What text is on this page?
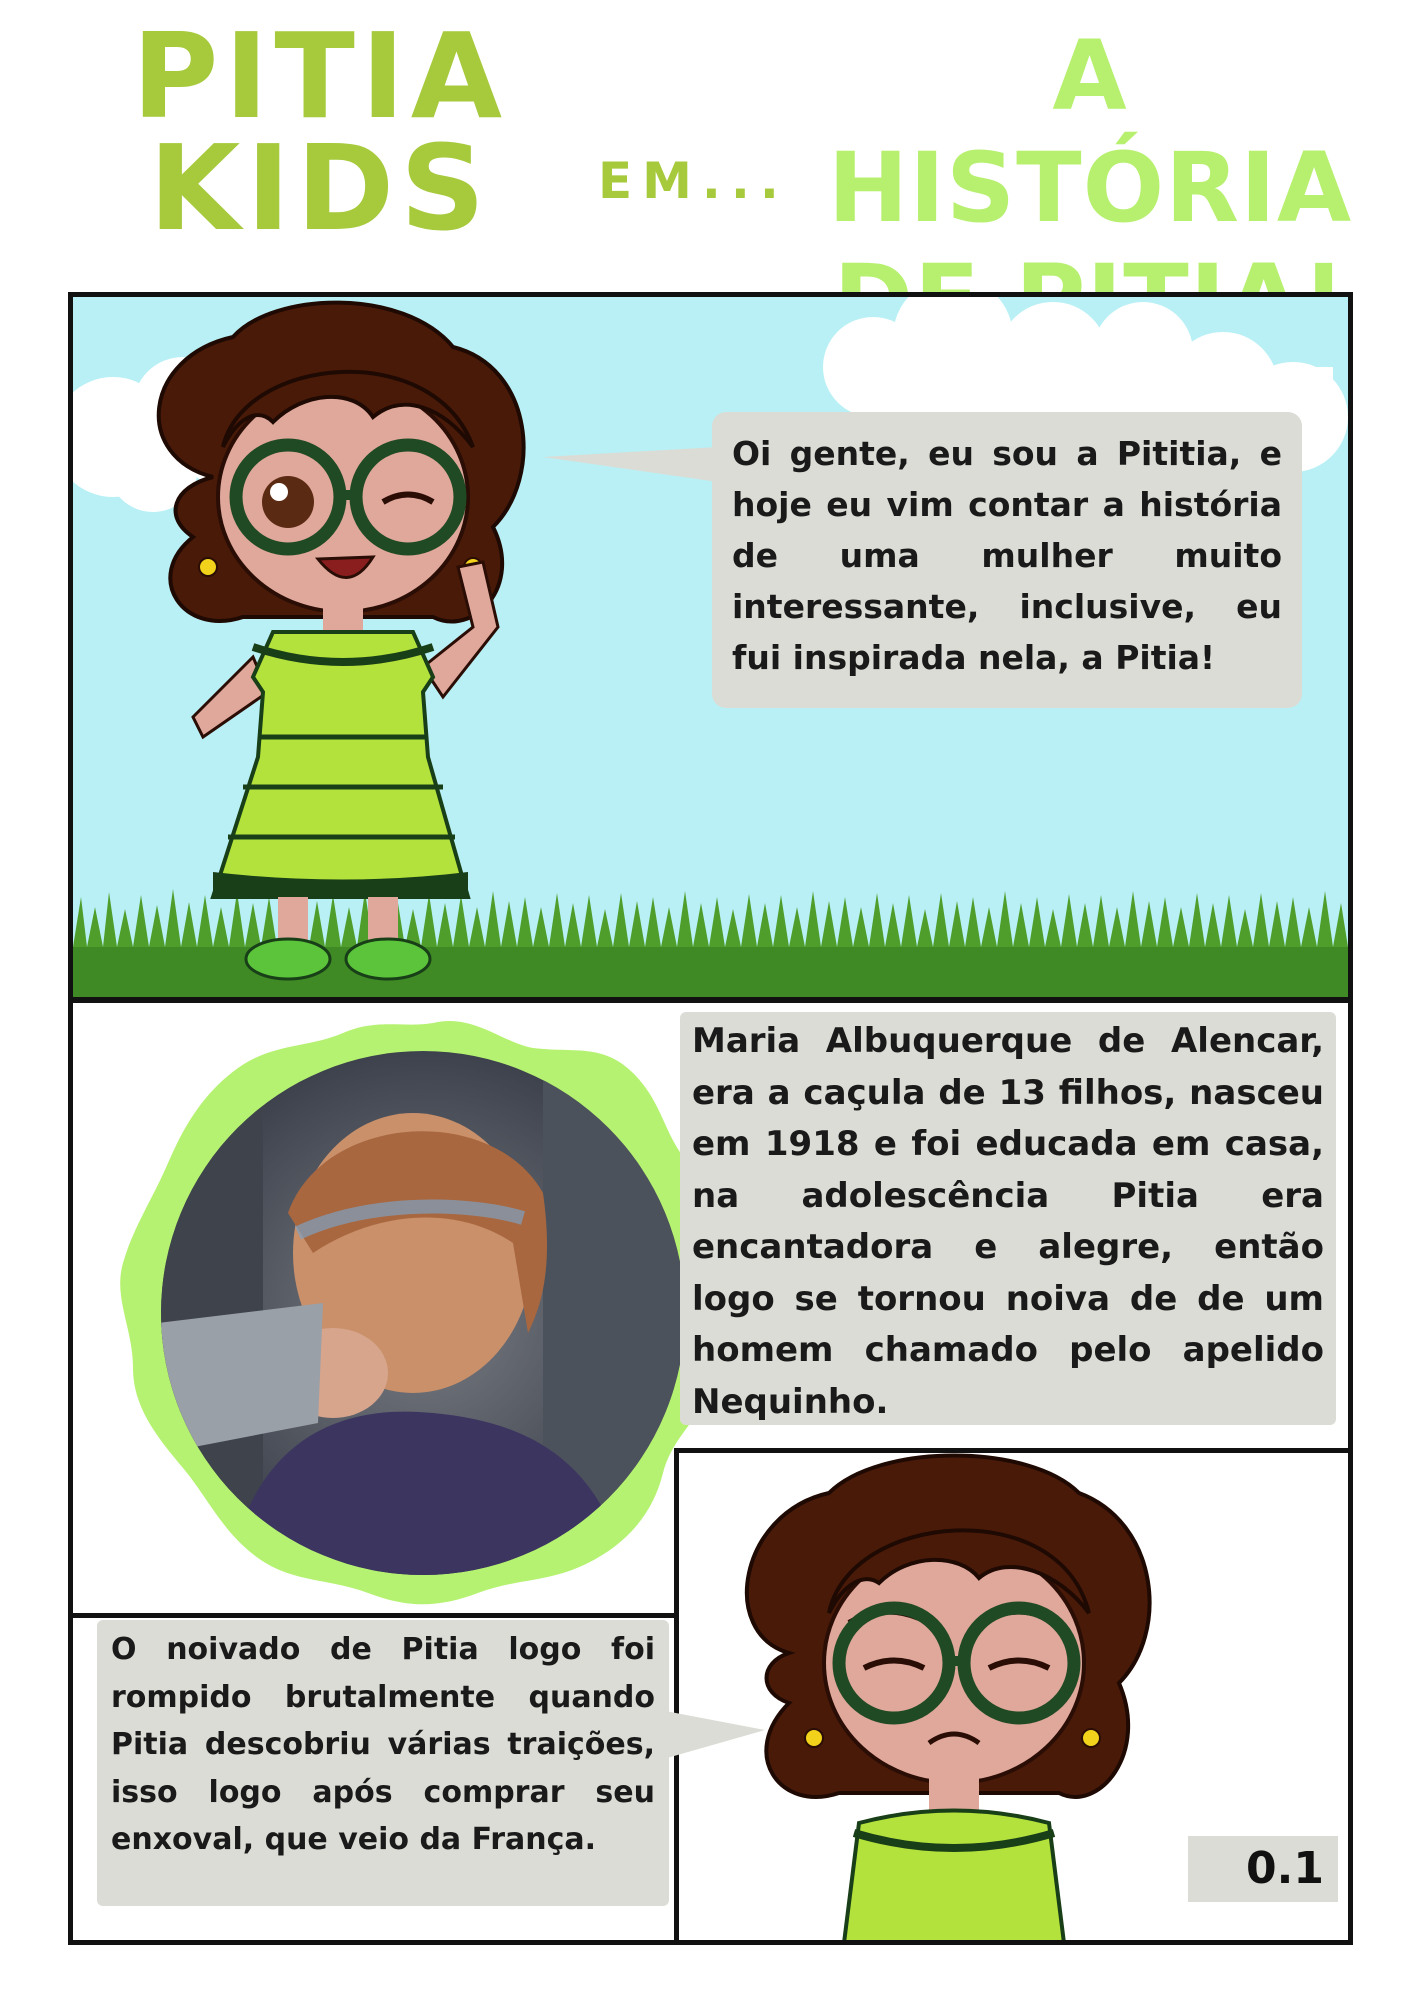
PITIA
KIDS	EM...
A HISTÓRIA

Oi gente, eu sou a Pititia, e hoje eu vim contar a história de uma mulher muito interessante, inclusive, eu fui inspirada nela, a Pitia!

Maria Albuquerque de Alencar, era a caçula de 13 filhos, nasceu em 1918 e foi educada em casa, na adolescência Pitia era encantadora e alegre, então logo se tornou noiva de de um homem chamado pelo apelido Nequinho.

O noivado de Pitia logo foi rompido brutalmente quando Pitia descobriu várias traições, isso logo após comprar seu enxoval, que veio da França.

0.1
